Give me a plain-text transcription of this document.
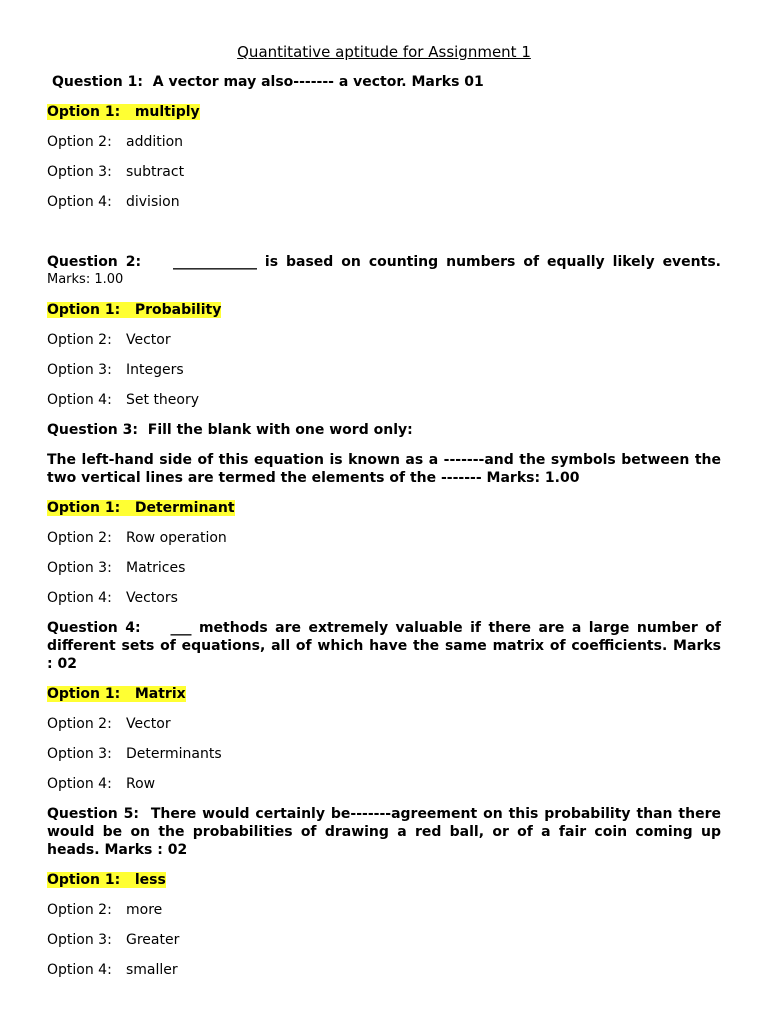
Quantitative aptitude for Assignment 1
Question 1: A vector may also------- a vector. Marks 01
Option 1: multiply
Option 2: addition
Option 3: subtract
Option 4: division
Question 2: ____________ is based on counting numbers of equally likely events.
Marks: 1.00
Option 1: Probability
Option 2: Vector
Option 3: Integers
Option 4: Set theory
Question 3: Fill the blank with one word only:
The left-hand side of this equation is known as a -------and the symbols between the
two vertical lines are termed the elements of the ------- Marks: 1.00
Option 1: Determinant
Option 2: Row operation
Option 3: Matrices
Option 4: Vectors
Question 4: ___ methods are extremely valuable if there are a large number of
different sets of equations, all of which have the same matrix of coefficients. Marks
: 02
Option 1: Matrix
Option 2: Vector
Option 3: Determinants
Option 4: Row
Question 5: There would certainly be-------agreement on this probability than there
would be on the probabilities of drawing a red ball, or of a fair coin coming up
heads. Marks : 02
Option 1: less
Option 2: more
Option 3: Greater
Option 4: smaller
